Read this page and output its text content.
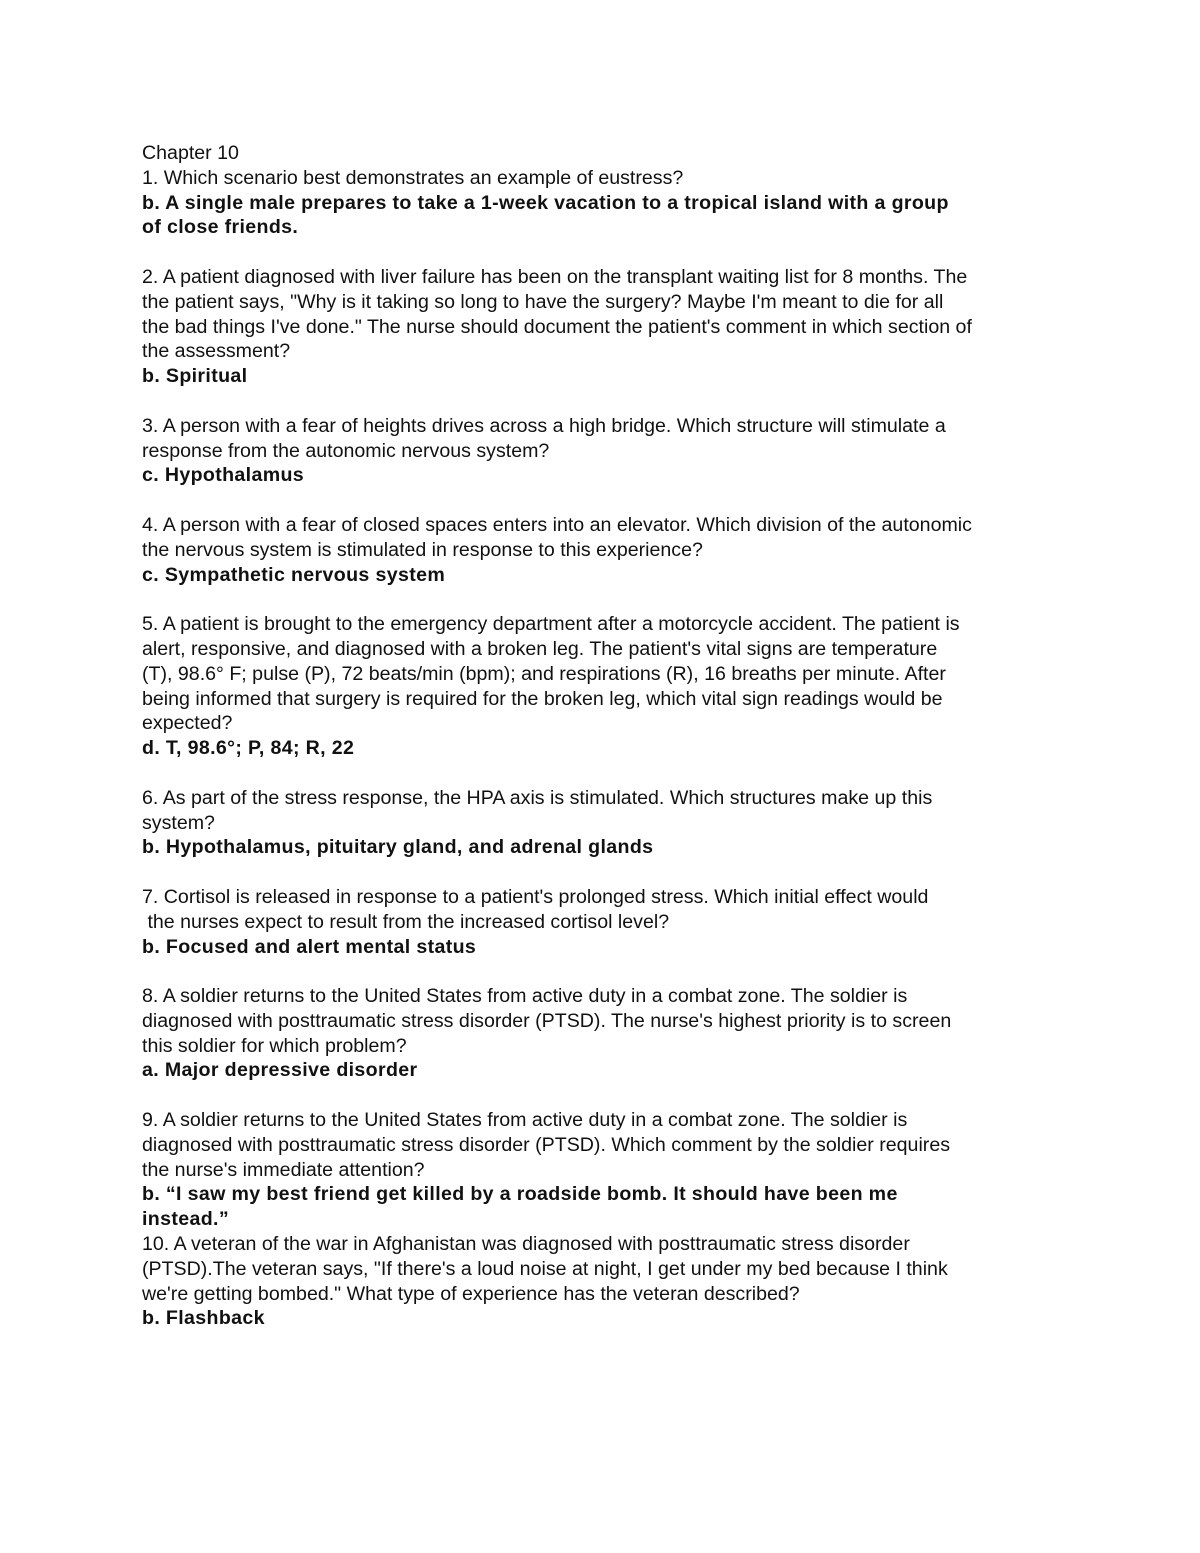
Chapter 10
1. Which scenario best demonstrates an example of eustress?
b. A single male prepares to take a 1-week vacation to a tropical island with a group
of close friends.
2. A patient diagnosed with liver failure has been on the transplant waiting list for 8 months. The
the patient says, "Why is it taking so long to have the surgery? Maybe I'm meant to die for all
the bad things I've done." The nurse should document the patient's comment in which section of
the assessment?
b. Spiritual
3. A person with a fear of heights drives across a high bridge. Which structure will stimulate a
response from the autonomic nervous system?
c. Hypothalamus
4. A person with a fear of closed spaces enters into an elevator. Which division of the autonomic
the nervous system is stimulated in response to this experience?
c. Sympathetic nervous system
5. A patient is brought to the emergency department after a motorcycle accident. The patient is
alert, responsive, and diagnosed with a broken leg. The patient's vital signs are temperature
(T), 98.6° F; pulse (P), 72 beats/min (bpm); and respirations (R), 16 breaths per minute. After
being informed that surgery is required for the broken leg, which vital sign readings would be
expected?
d. T, 98.6°; P, 84; R, 22
6. As part of the stress response, the HPA axis is stimulated. Which structures make up this
system?
b. Hypothalamus, pituitary gland, and adrenal glands
7. Cortisol is released in response to a patient's prolonged stress. Which initial effect would
the nurses expect to result from the increased cortisol level?
b. Focused and alert mental status
8. A soldier returns to the United States from active duty in a combat zone. The soldier is
diagnosed with posttraumatic stress disorder (PTSD). The nurse's highest priority is to screen
this soldier for which problem?
a. Major depressive disorder
9. A soldier returns to the United States from active duty in a combat zone. The soldier is
diagnosed with posttraumatic stress disorder (PTSD). Which comment by the soldier requires
the nurse's immediate attention?
b. “I saw my best friend get killed by a roadside bomb. It should have been me
instead.”
10. A veteran of the war in Afghanistan was diagnosed with posttraumatic stress disorder
(PTSD).The veteran says, "If there's a loud noise at night, I get under my bed because I think
we're getting bombed." What type of experience has the veteran described?
b. Flashback
